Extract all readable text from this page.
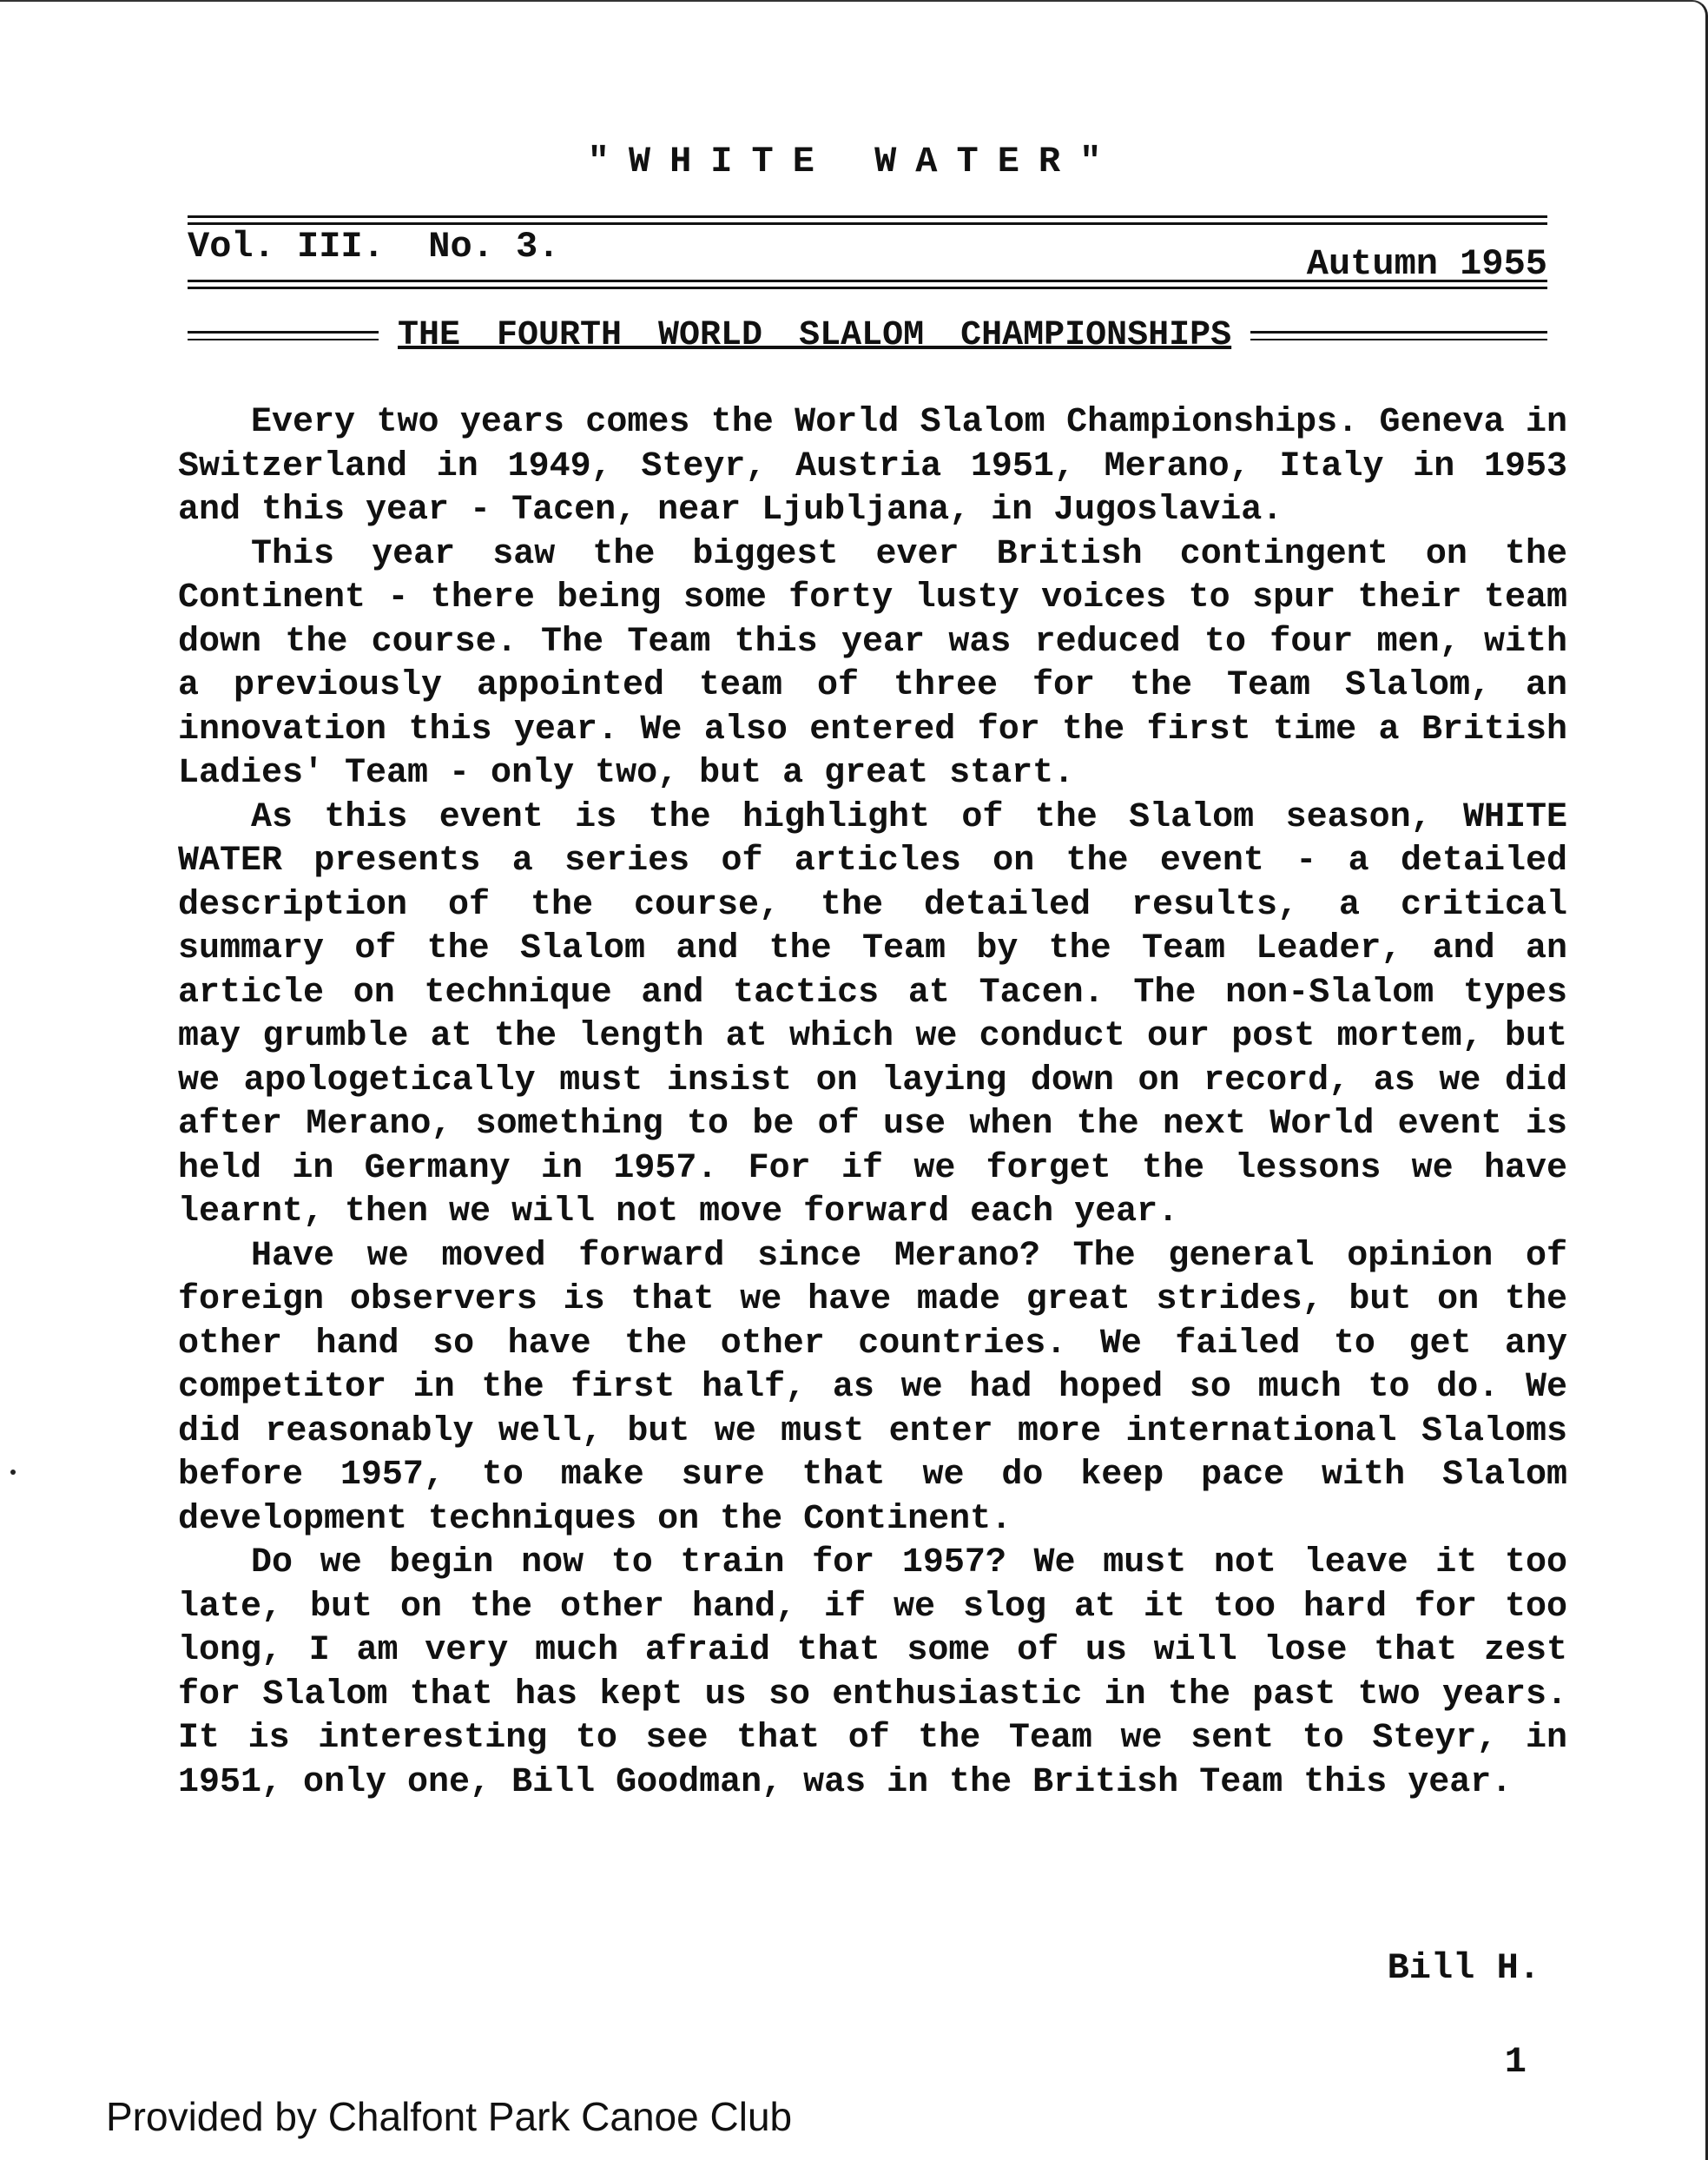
"WHITE WATER"
Vol. III.  No. 3.	Autumn 1955
THE FOURTH WORLD SLALOM CHAMPIONSHIPS

Every two years comes the World Slalom Championships. Geneva in Switzerland in 1949, Steyr, Austria 1951, Merano, Italy in 1953 and this year - Tacen, near Ljubljana, in Jugoslavia.

This year saw the biggest ever British contingent on the Continent - there being some forty lusty voices to spur their team down the course. The Team this year was reduced to four men, with a previously appointed team of three for the Team Slalom, an innovation this year. We also entered for the first time a British Ladies' Team - only two, but a great start.

As this event is the highlight of the Slalom season, WHITE WATER presents a series of articles on the event - a detailed description of the course, the detailed results, a critical summary of the Slalom and the Team by the Team Leader, and an article on technique and tactics at Tacen. The non-Slalom types may grumble at the length at which we conduct our post mortem, but we apologetically must insist on laying down on record, as we did after Merano, something to be of use when the next World event is held in Germany in 1957. For if we forget the lessons we have learnt, then we will not move forward each year.

Have we moved forward since Merano? The general opinion of foreign observers is that we have made great strides, but on the other hand so have the other countries. We failed to get any competitor in the first half, as we had hoped so much to do. We did reasonably well, but we must enter more international Slaloms before 1957, to make sure that we do keep pace with Slalom development techniques on the Continent.

Do we begin now to train for 1957? We must not leave it too late, but on the other hand, if we slog at it too hard for too long, I am very much afraid that some of us will lose that zest for Slalom that has kept us so enthusiastic in the past two years. It is interesting to see that of the Team we sent to Steyr, in 1951, only one, Bill Goodman, was in the British Team this year.

Bill H.
1
Provided by Chalfont Park Canoe Club
